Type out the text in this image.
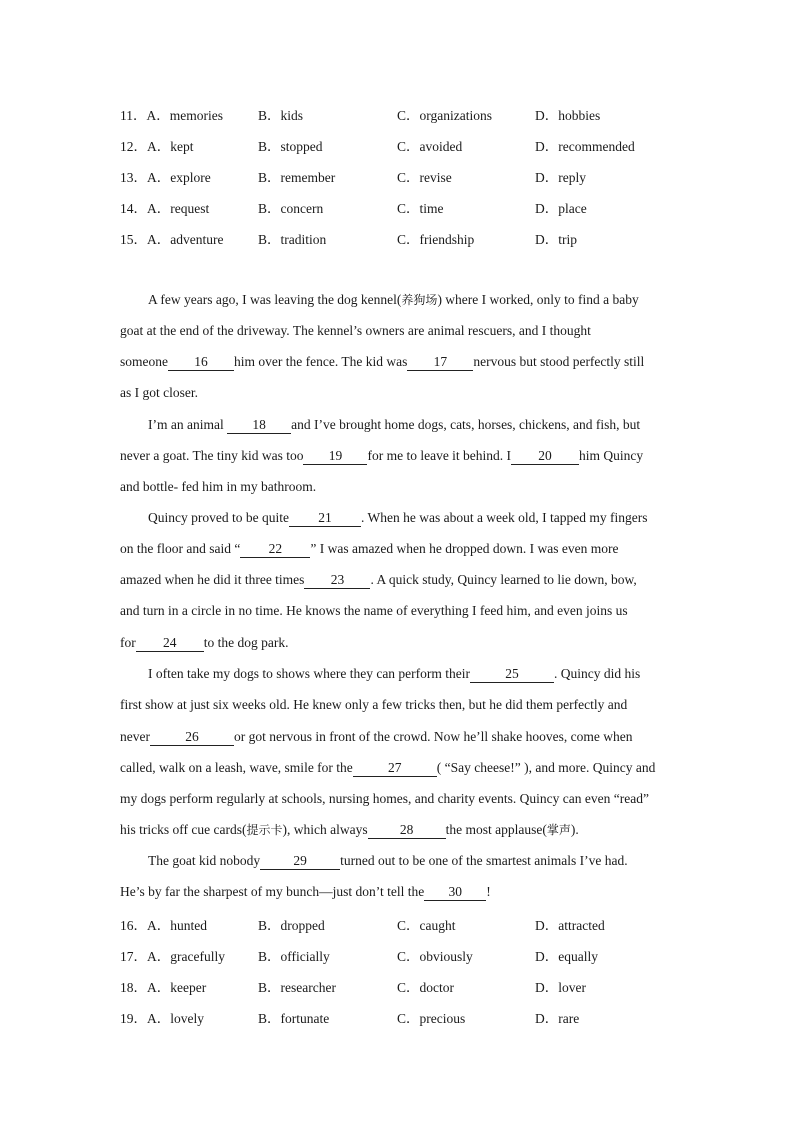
11．A．memories	B．kids	C．organizations	D．hobbies
12．A．kept	B．stopped	C．avoided	D．recommended
13．A．explore	B．remember	C．revise	D．reply
14．A．request	B．concern	C．time	D．place
15．A．adventure	B．tradition	C．friendship	D．trip
A few years ago, I was leaving the dog kennel(养狗场) where I worked, only to find a baby
goat at the end of the driveway. The kennel’s owners are animal rescuers, and I thought
someone 16 him over the fence. The kid was 17 nervous but stood perfectly still
as I got closer.
I’m an animal 18 and I’ve brought home dogs, cats, horses, chickens, and fish, but
never a goat. The tiny kid was too 19 for me to leave it behind. I 20 him Quincy
and bottle- fed him in my bathroom.
Quincy proved to be quite 21 . When he was about a week old, I tapped my fingers
on the floor and said “ 22 ” I was amazed when he dropped down. I was even more
amazed when he did it three times 23 . A quick study, Quincy learned to lie down, bow,
and turn in a circle in no time. He knows the name of everything I feed him, and even joins us
for 24 to the dog park.
I often take my dogs to shows where they can perform their	25	. Quincy did his
first show at just six weeks old. He knew only a few tricks then, but he did them perfectly and
never	26	or got nervous in front of the crowd. Now he’ll shake hooves, come when
called, walk on a leash, wave, smile for the	27	( “Say cheese!” ), and more. Quincy and
my dogs perform regularly at schools, nursing homes, and charity events. Quincy can even “read”
his tricks off cue cards(提示卡), which always 28 the most applause(掌声).
The goat kid nobody 29 turned out to be one of the smartest animals I’ve had.
He’s by far the sharpest of my bunch—just don’t tell the 30 !
16．A．hunted	B．dropped	C．caught	D．attracted
17．A．gracefully B．officially	C．obviously	D．equally
18．A．keeper	B．researcher	C．doctor	D．lover
19．A．lovely	B．fortunate	C．precious	D．rare
